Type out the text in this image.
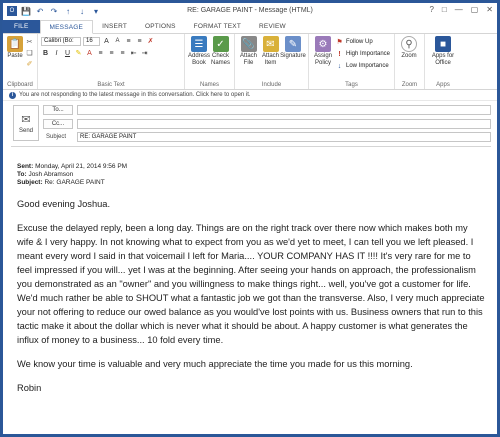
O 💾 ↶ ↷	↑	↓	▾	RE: GARAGE PAINT - Message (HTML)	? □ — ▢ ✕
FILE	MESSAGE	INSERT	OPTIONS	FORMAT TEXT	REVIEW
📋
Paste
✂
❏
✐
Clipboard
Calibri (Bo:	16	A	A ≡ ≡ ✗
B	I	U ✎ A ≡ ≡ ≡ ⇤ ⇥
Basic Text
☰
Address Book
✓
Check Names
Names
📎
Attach File
✉
Attach Item
✎
Signature
Include
⚙
Assign Policy
⚑ Follow Up
! High Importance
↓ Low Importance
Tags
⚲
Zoom
Zoom
■
Apps for Office
Apps
i You are not responding to the latest message in this conversation. Click here to open it.
✉
Send
To...
Cc...
Subject	RE: GARAGE PAINT
Sent: Monday, April 21, 2014 9:56 PM
To: Josh Abramson
Subject: Re: GARAGE PAINT

Good evening Joshua.

Excuse the delayed reply, been a long day. Things are on the right track over there now which makes both my wife & I very happy. In not knowing what to expect from you as we'd yet to meet, I can tell you we left pleased. I meant every word I said in that voicemail I left for Maria.... YOUR COMPANY HAS IT !!!! It's very rare for me to feel impressed if you will... yet I was at the beginning. After seeing your hands on approach, the professionalism you demonstrated as an "owner" and you willingness to make things right... well, you've got a customer for life. We'd much rather be able to SHOUT what a fantastic job we got than the transverse. Also, I very much appreciate your not offering to reduce our owed balance as you would've lost points with us. Business owners that run to this tactic make it about the dollar which is never what it should be about. A happy customer is what generates the influx of money to a business... 10 fold every time.

We know your time is valuable and very much appreciate the time you made for us this morning.

Robin
